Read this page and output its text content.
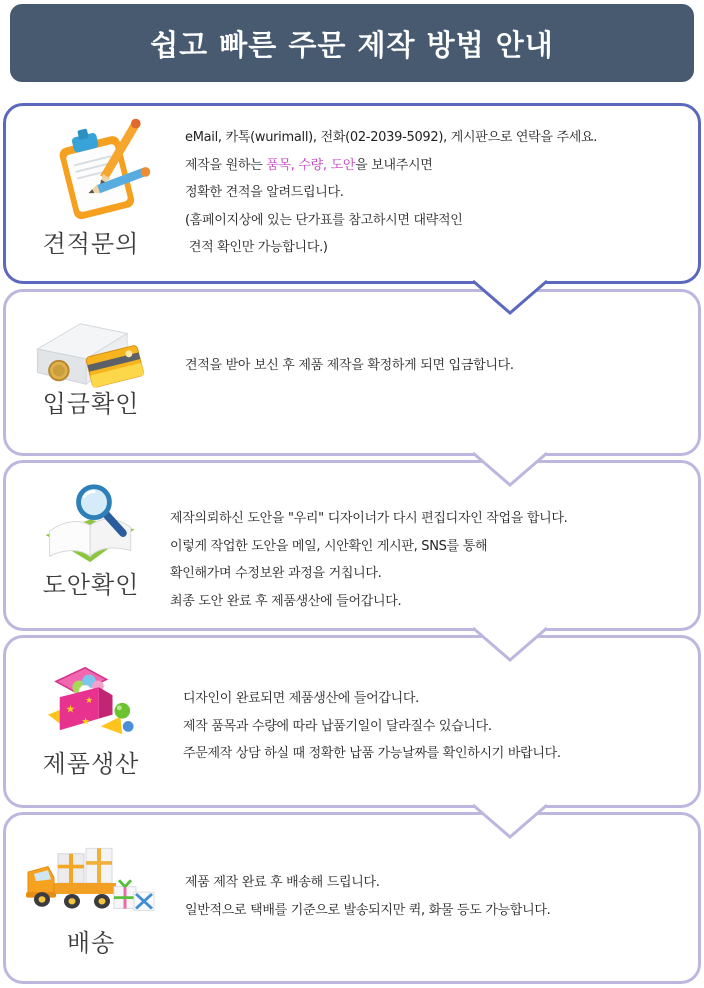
쉽고 빠른 주문 제작 방법 안내
견적문의
eMail, 카톡(wurimall), 전화(02-2039-5092), 게시판으로 연락을 주세요.
제작을 원하는 품목, 수량, 도안을 보내주시면
정확한 견적을 알려드립니다.
(홈페이지상에 있는 단가표를 참고하시면 대략적인
견적 확인만 가능합니다.)
입금확인
견적을 받아 보신 후 제품 제작을 확정하게 되면 입금합니다.
도안확인
제작의뢰하신 도안을 "우리" 디자이너가 다시 편집디자인 작업을 합니다.
이렇게 작업한 도안을 메일, 시안확인 게시판, SNS를 통해
확인해가며 수정보완 과정을 거칩니다.
최종 도안 완료 후 제품생산에 들어갑니다.
★
★
★
제품생산
디자인이 완료되면 제품생산에 들어갑니다.
제작 품목과 수량에 따라 납품기일이 달라질수 있습니다.
주문제작 상담 하실 때 정확한 납품 가능날짜를 확인하시기 바랍니다.
배송
제품 제작 완료 후 배송해 드립니다.
일반적으로 택배를 기준으로 발송되지만 퀵, 화물 등도 가능합니다.
